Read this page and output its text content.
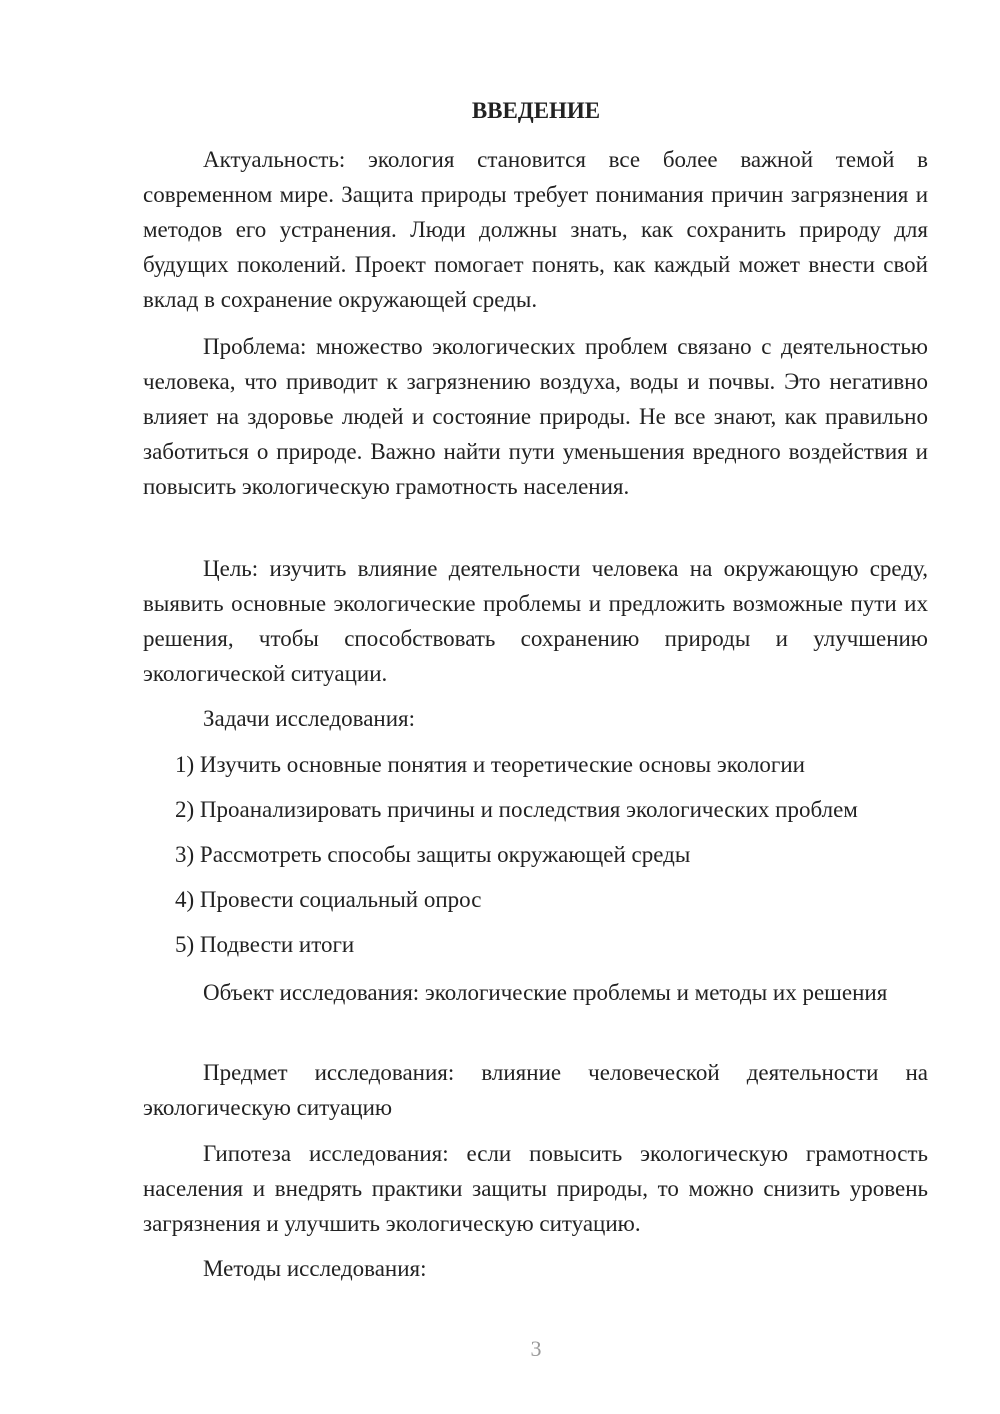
ВВЕДЕНИЕ

Актуальность: экология становится все более важной темой в современном мире. Защита природы требует понимания причин загрязнения и методов его устранения. Люди должны знать, как сохранить природу для будущих поколений. Проект помогает понять, как каждый может внести свой вклад в сохранение окружающей среды.

Проблема: множество экологических проблем связано с деятельностью человека, что приводит к загрязнению воздуха, воды и почвы. Это негативно влияет на здоровье людей и состояние природы. Не все знают, как правильно заботиться о природе. Важно найти пути уменьшения вредного воздействия и повысить экологическую грамотность населения.

Цель: изучить влияние деятельности человека на окружающую среду, выявить основные экологические проблемы и предложить возможные пути их решения, чтобы способствовать сохранению природы и улучшению экологической ситуации.

Задачи исследования:

1) Изучить основные понятия и теоретические основы экологии

2) Проанализировать причины и последствия экологических проблем

3) Рассмотреть способы защиты окружающей среды

4) Провести социальный опрос

5) Подвести итоги

Объект исследования: экологические проблемы и методы их решения

Предмет исследования: влияние человеческой деятельности на экологическую ситуацию

Гипотеза исследования: если повысить экологическую грамотность населения и внедрять практики защиты природы, то можно снизить уровень загрязнения и улучшить экологическую ситуацию.

Методы исследования:

3
